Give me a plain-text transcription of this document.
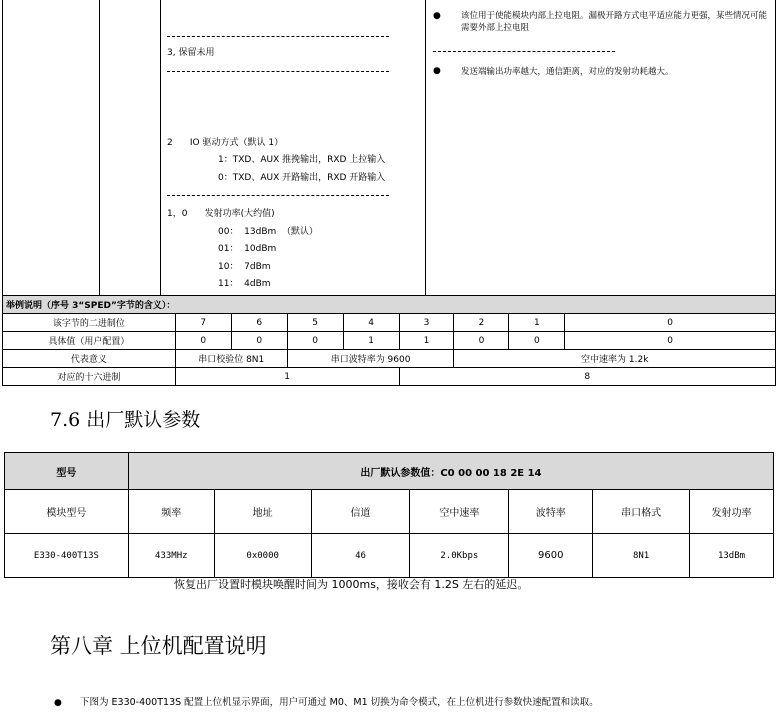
3, 保留未用
2      IO 驱动方式（默认 1）
1：TXD、AUX 推挽输出，RXD 上拉输入
0：TXD、AUX 开路输出，RXD 开路输入
1，0      发射功率(大约值)
00：  13dBm  （默认）
01：  10dBm
10：  7dBm
11：  4dBm
● 该位用于使能模块内部上拉电阻。漏极开路方式电平适应能力更强，某些情况可能需要外部上拉电阻
● 发送端输出功率越大，通信距离，对应的发射功耗越大。
举例说明（序号 3“SPED”字节的含义）：								
该字节的二进制位	7	6	5	4	3	2	1	0
具体值（用户配置）	0	0	0	1	1	0	0	0
代表意义	串口校验位 8N1		串口波特率为 9600			空中速率为 1.2k		
对应的十六进制	1				8			
7.6 出厂默认参数
型号	出厂默认参数值：C0 00 00 18 2E 14						
模块型号	频率	地址	信道	空中速率	波特率	串口格式	发射功率
E330-400T13S	433MHz	0x0000	46	2.0Kbps	9600	8N1	13dBm
恢复出厂设置时模块唤醒时间为 1000ms，接收会有 1.2S 左右的延迟。
第八章 上位机配置说明
● 下图为 E330-400T13S 配置上位机显示界面，用户可通过 M0、M1 切换为命令模式，在上位机进行参数快速配置和读取。
